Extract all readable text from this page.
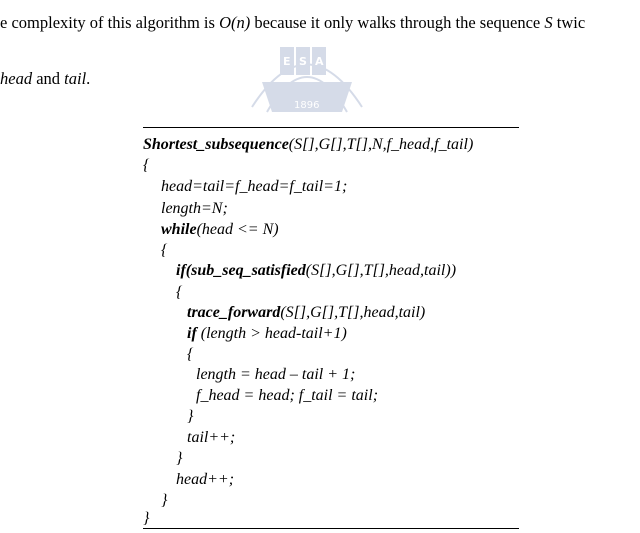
E S A
1896
e complexity of this algorithm is O(n) because it only walks through the sequence S twic
head and tail.
Shortest_subsequence(S[],G[],T[],N,f_head,f_tail)
{
head=tail=f_head=f_tail=1;
length=N;
while(head <= N)
{
if(sub_seq_satisfied(S[],G[],T[],head,tail))
{
trace_forward(S[],G[],T[],head,tail)
if (length > head-tail+1)
{
length = head – tail + 1;
f_head = head; f_tail = tail;
}
tail++;
}
head++;
}
}
